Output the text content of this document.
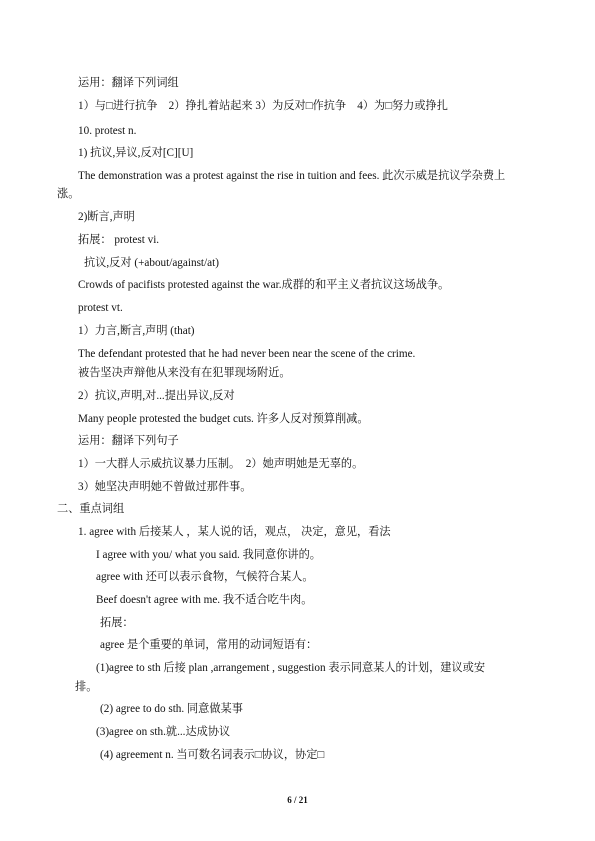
运用：翻译下列词组
1）与□进行抗争　2）挣扎着站起来 3）为反对□作抗争　4）为□努力或挣扎
10. protest n.
1) 抗议,异议,反对[C][U]
The demonstration was a protest against the rise in tuition and fees. 此次示威是抗议学杂费上
涨。
2)断言,声明
拓展： protest vi.
抗议,反对 (+about/against/at)
Crowds of pacifists protested against the war.成群的和平主义者抗议这场战争。
protest vt.
1）力言,断言,声明 (that)
The defendant protested that he had never been near the scene of the crime.
被告坚决声辩他从来没有在犯罪现场附近。
2）抗议,声明,对...提出异议,反对
Many people protested the budget cuts. 许多人反对预算削减。
运用：翻译下列句子
1）一大群人示威抗议暴力压制。　2）她声明她是无辜的。
3）她坚决声明她不曾做过那件事。
二、重点词组
1. agree with 后接某人 ，某人说的话，观点， 决定，意见，看法
I agree with you/ what you said. 我同意你讲的。
agree with 还可以表示食物，气候符合某人。
Beef doesn't agree with me. 我不适合吃牛肉。
拓展：
agree 是个重要的单词，常用的动词短语有：
(1)agree to sth 后接 plan ,arrangement , suggestion 表示同意某人的计划，建议或安
排。
(2) agree to do sth. 同意做某事
(3)agree on sth.就...达成协议
(4) agreement n. 当可数名词表示□协议，协定□
6 / 21
